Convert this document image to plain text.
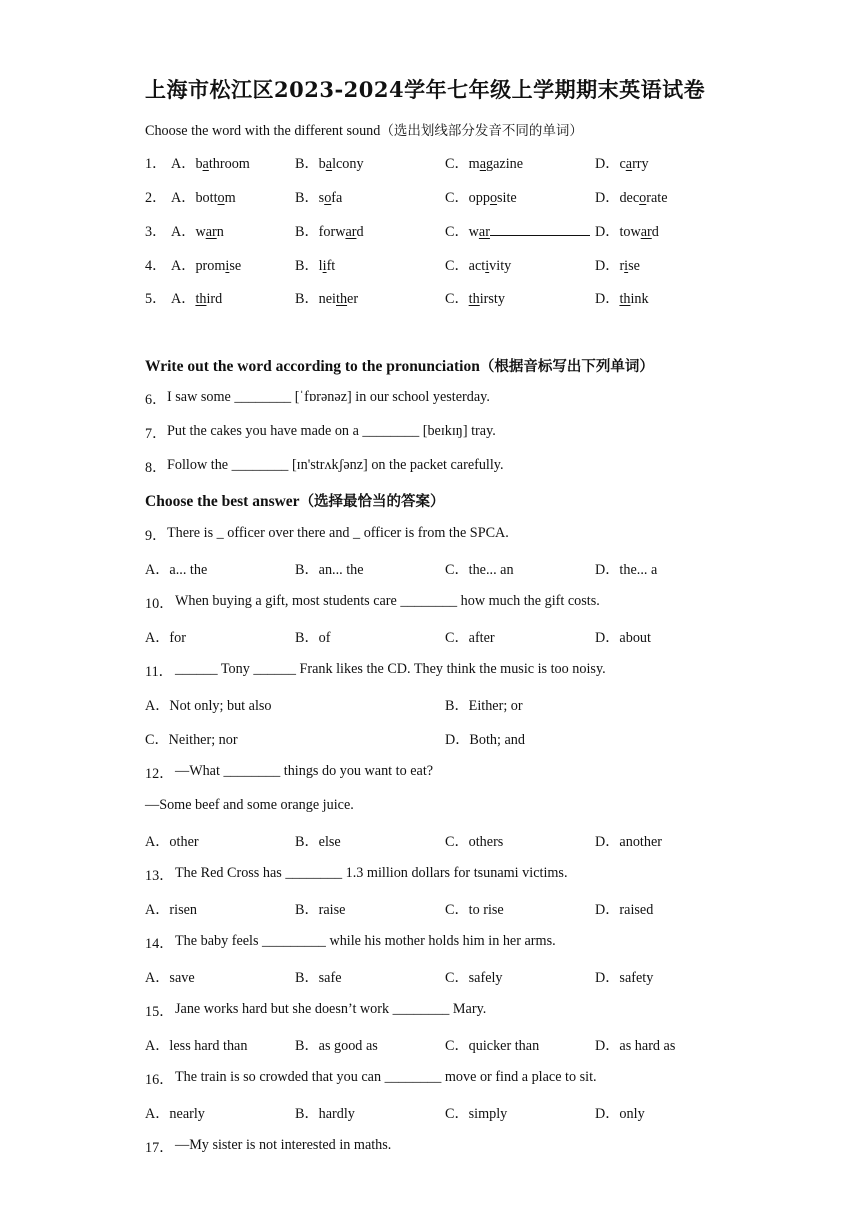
上海市松江区2023-2024学年七年级上学期期末英语试卷
Choose the word with the different sound（选出划线部分发音不同的单词）
Write out the word according to the pronunciation（根据音标写出下列单词）
Choose the best answer（选择最恰当的答案）
1． A．bathroom	B．balcony	C．magazine	D．carry
2． A．bottom	B．sofa	C．opposite	D．decorate
3． A．warn	B．forward	C．war	D．toward
4． A．promise	B．lift	C．activity	D．rise
5． A．third	B．neither	C．thirsty	D．think
6． I saw some ________ [ˈfɒrənəz] in our school yesterday.
7． Put the cakes you have made on a ________ [beɪkɪŋ] tray.
8． Follow the ________ [ɪn'strʌkʃənz] on the packet carefully.
9． There is _ officer over there and _ officer is from the SPCA.
A．a... the	B．an... the	C．the... an	D．the... a
10． When buying a gift, most students care ________ how much the gift costs.
A．for	B．of	C．after	D．about
11． ______ Tony ______ Frank likes the CD. They think the music is too noisy.
A．Not only; but also	B．Either; or
C．Neither; nor	D．Both; and
12． —What ________ things do you want to eat?
—Some beef and some orange juice.
A．other	B．else	C．others	D．another
13． The Red Cross has ________ 1.3 million dollars for tsunami victims.
A．risen	B．raise	C．to rise	D．raised
14． The baby feels _________ while his mother holds him in her arms.
A．save	B．safe	C．safely	D．safety
15． Jane works hard but she doesn’t work ________ Mary.
A．less hard than	B．as good as	C．quicker than	D．as hard as
16． The train is so crowded that you can ________ move or find a place to sit.
A．nearly	B．hardly	C．simply	D．only
17． —My sister is not interested in maths.
